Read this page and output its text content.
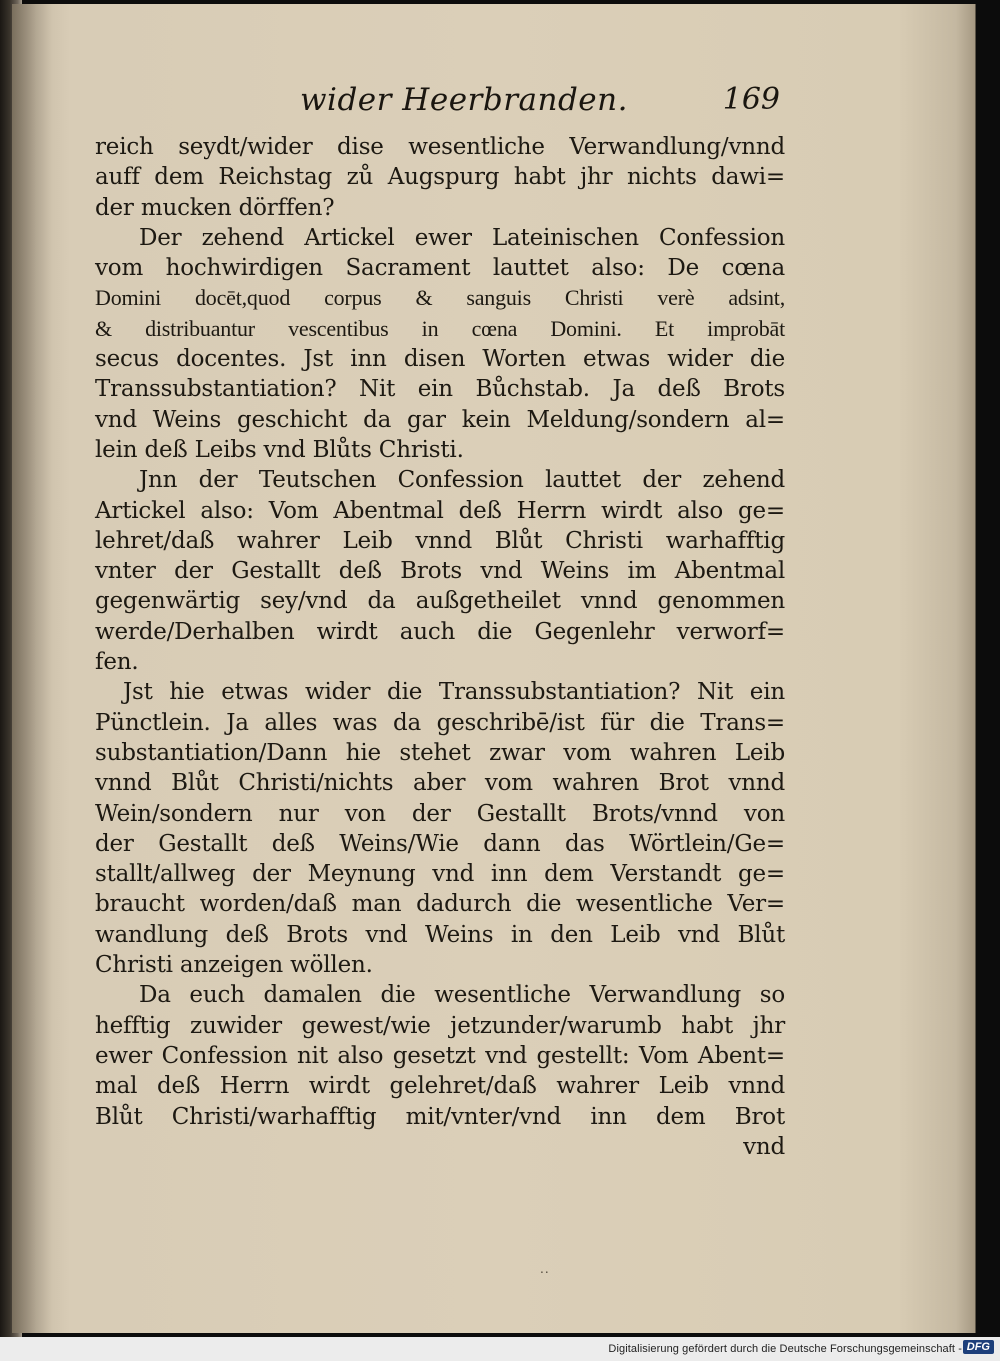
wider Heerbranden.	169
reich seydt/wider dise wesentliche Verwandlung/vnnd
auff dem Reichstag zů Augspurg habt jhr nichts dawi=
der mucken dörffen?
Der zehend Artickel ewer Lateinischen Confession
vom hochwirdigen Sacrament lauttet also: De cœna
Domini docēt,quod corpus & sanguis Christi verè adsint,
& distribuantur vescentibus in cœna Domini. Et improbāt
secus docentes. Jst inn disen Worten etwas wider die
Transsubstantiation? Nit ein Bůchstab. Ja deß Brots
vnd Weins geschicht da gar kein Meldung/sondern al=
lein deß Leibs vnd Blůts Christi.
Jnn der Teutschen Confession lauttet der zehend
Artickel also: Vom Abentmal deß Herrn wirdt also ge=
lehret/daß wahrer Leib vnnd Blůt Christi warhafftig
vnter der Gestallt deß Brots vnd Weins im Abentmal
gegenwärtig sey/vnd da außgetheilet vnnd genommen
werde/Derhalben wirdt auch die Gegenlehr verworf=
fen.
Jst hie etwas wider die Transsubstantiation? Nit ein
Pünctlein. Ja alles was da geschribē/ist für die Trans=
substantiation/Dann hie stehet zwar vom wahren Leib
vnnd Blůt Christi/nichts aber vom wahren Brot vnnd
Wein/sondern nur von der Gestallt Brots/vnnd von
der Gestallt deß Weins/Wie dann das Wörtlein/Ge=
stallt/allweg der Meynung vnd inn dem Verstandt ge=
braucht worden/daß man dadurch die wesentliche Ver=
wandlung deß Brots vnd Weins in den Leib vnd Blůt
Christi anzeigen wöllen.
Da euch damalen die wesentliche Verwandlung so
hefftig zuwider gewest/wie jetzunder/warumb habt jhr
ewer Confession nit also gesetzt vnd gestellt: Vom Abent=
mal deß Herrn wirdt gelehret/daß wahrer Leib vnnd
Blůt Christi/warhafftig mit/vnter/vnd inn dem Brot
vnd
..
Digitalisierung gefördert durch die Deutsche Forschungsgemeinschaft - DFG
